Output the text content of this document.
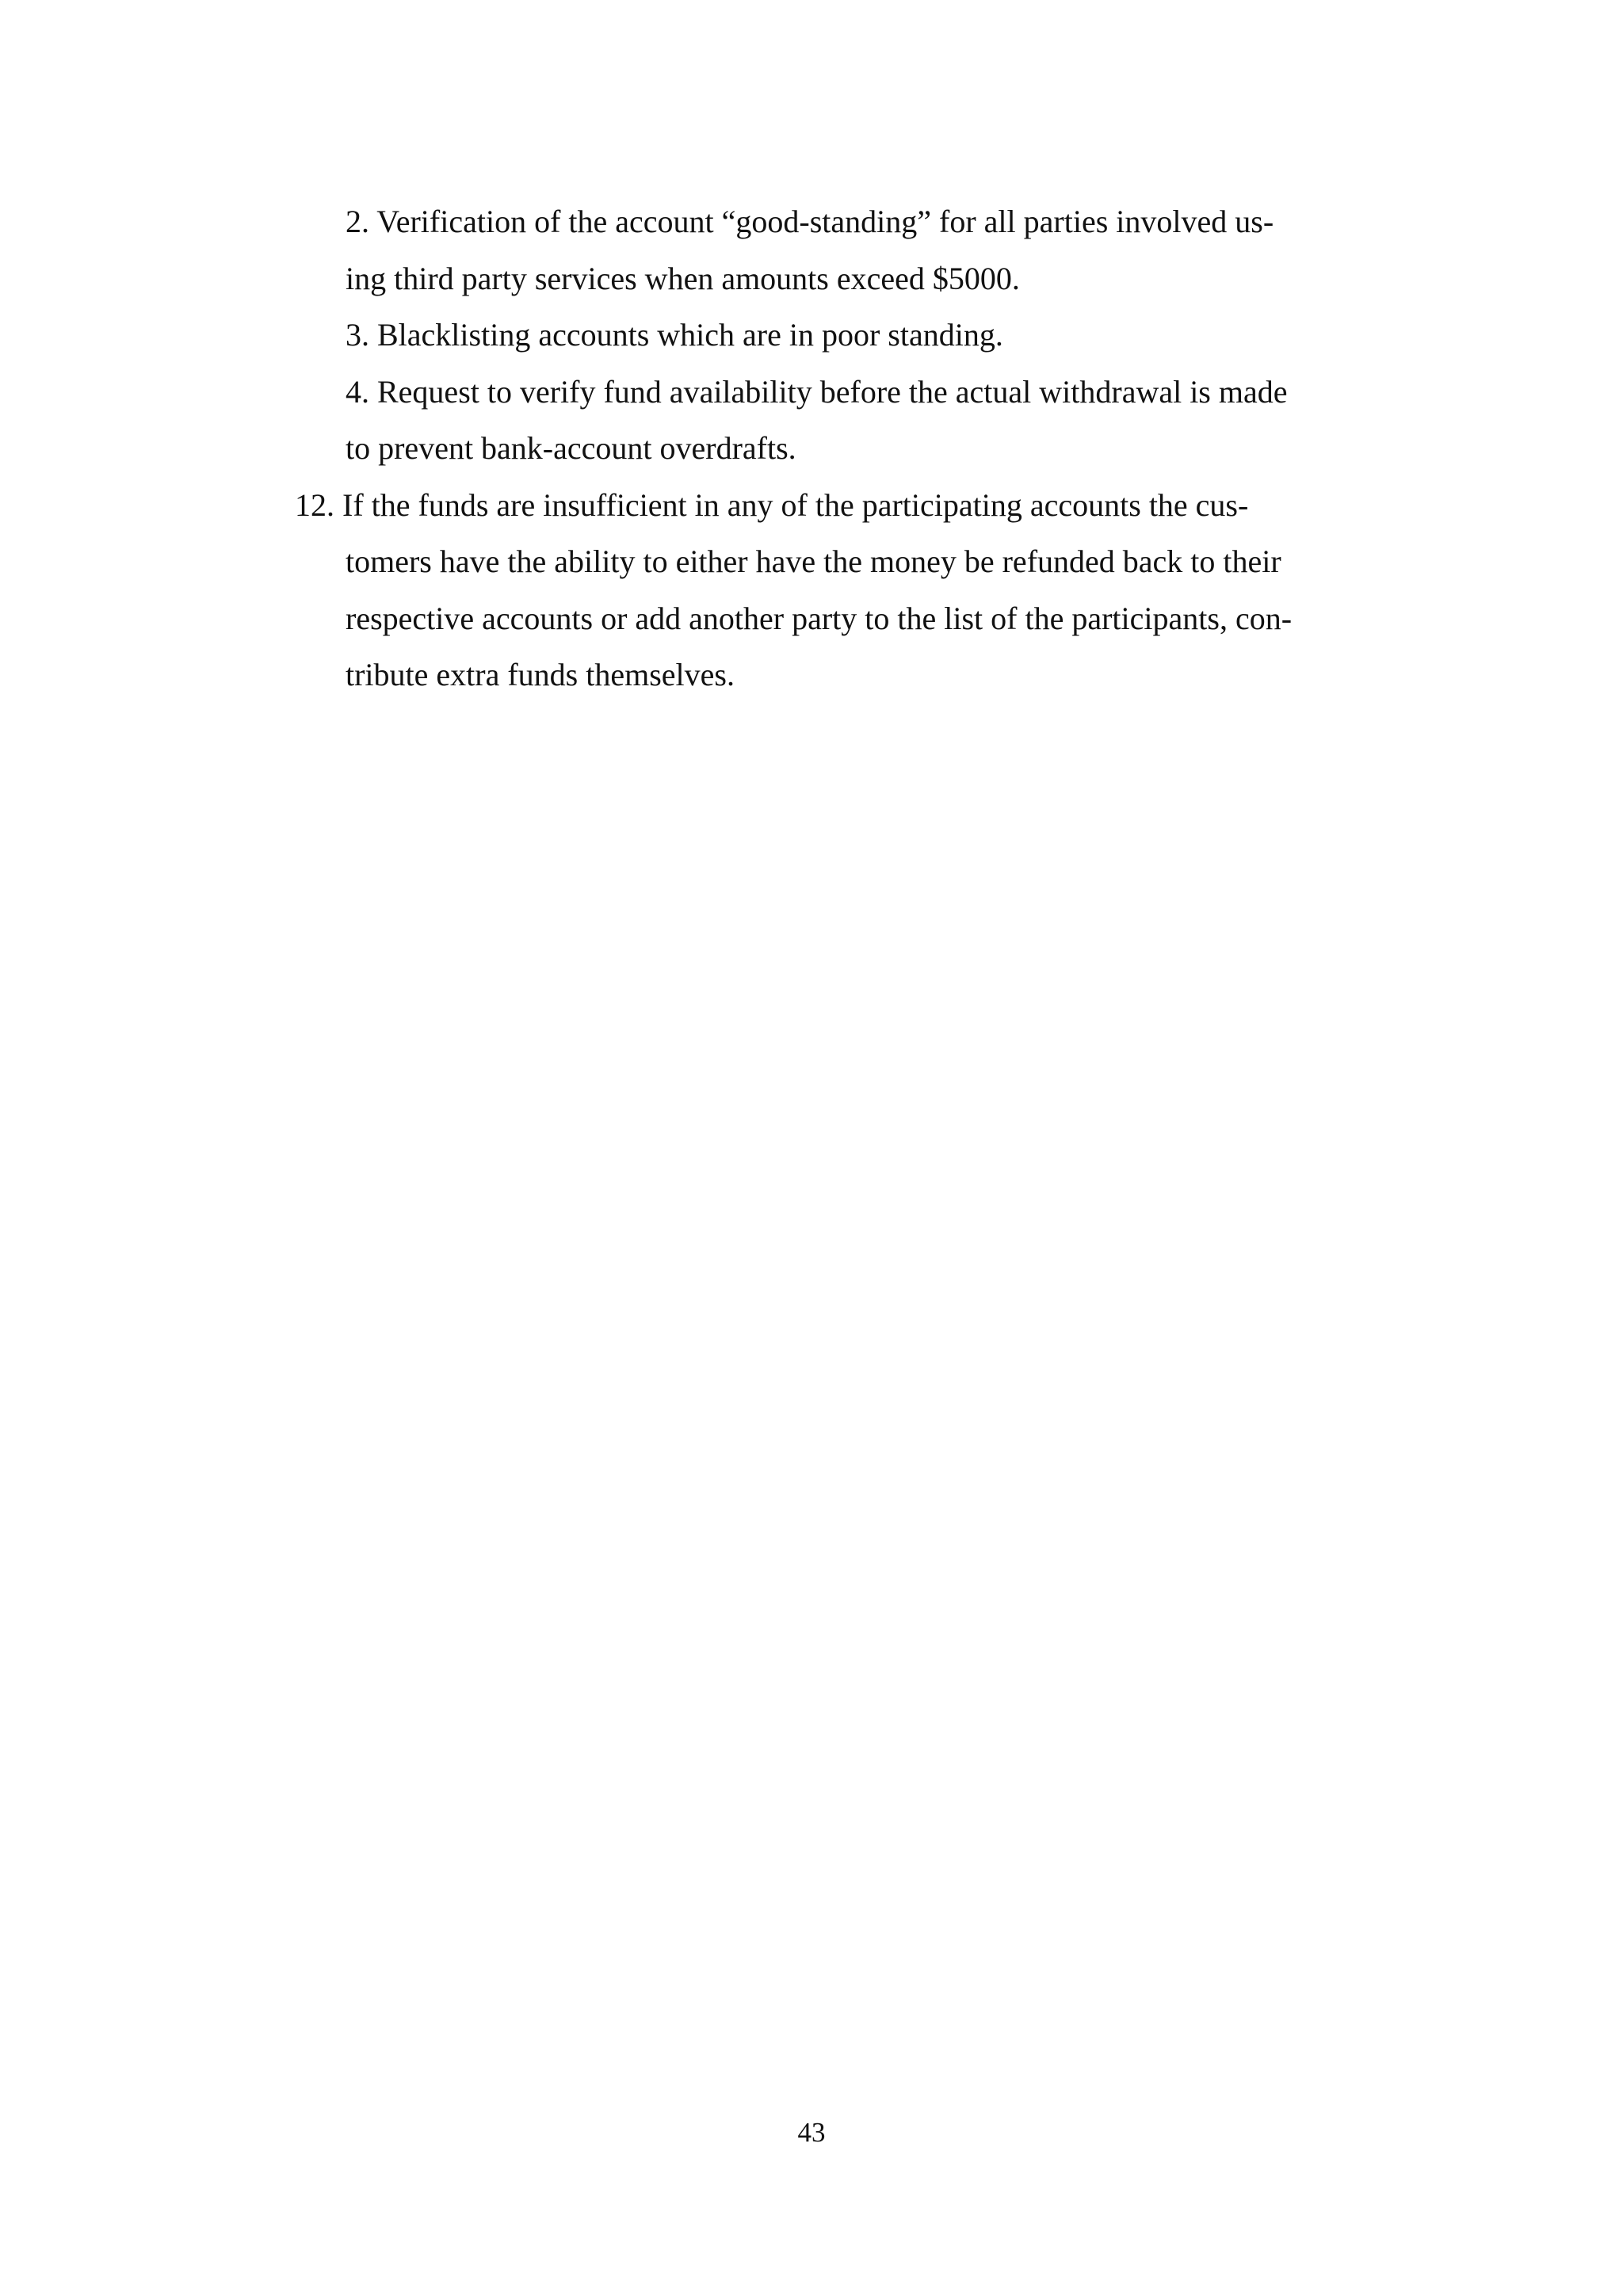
2. Verification of the account “good-standing” for all parties involved us-
ing third party services when amounts exceed $5000.
3. Blacklisting accounts which are in poor standing.
4. Request to verify fund availability before the actual withdrawal is made
to prevent bank-account overdrafts.
12. If the funds are insufficient in any of the participating accounts the cus-
tomers have the ability to either have the money be refunded back to their
respective accounts or add another party to the list of the participants, con-
tribute extra funds themselves.
43
